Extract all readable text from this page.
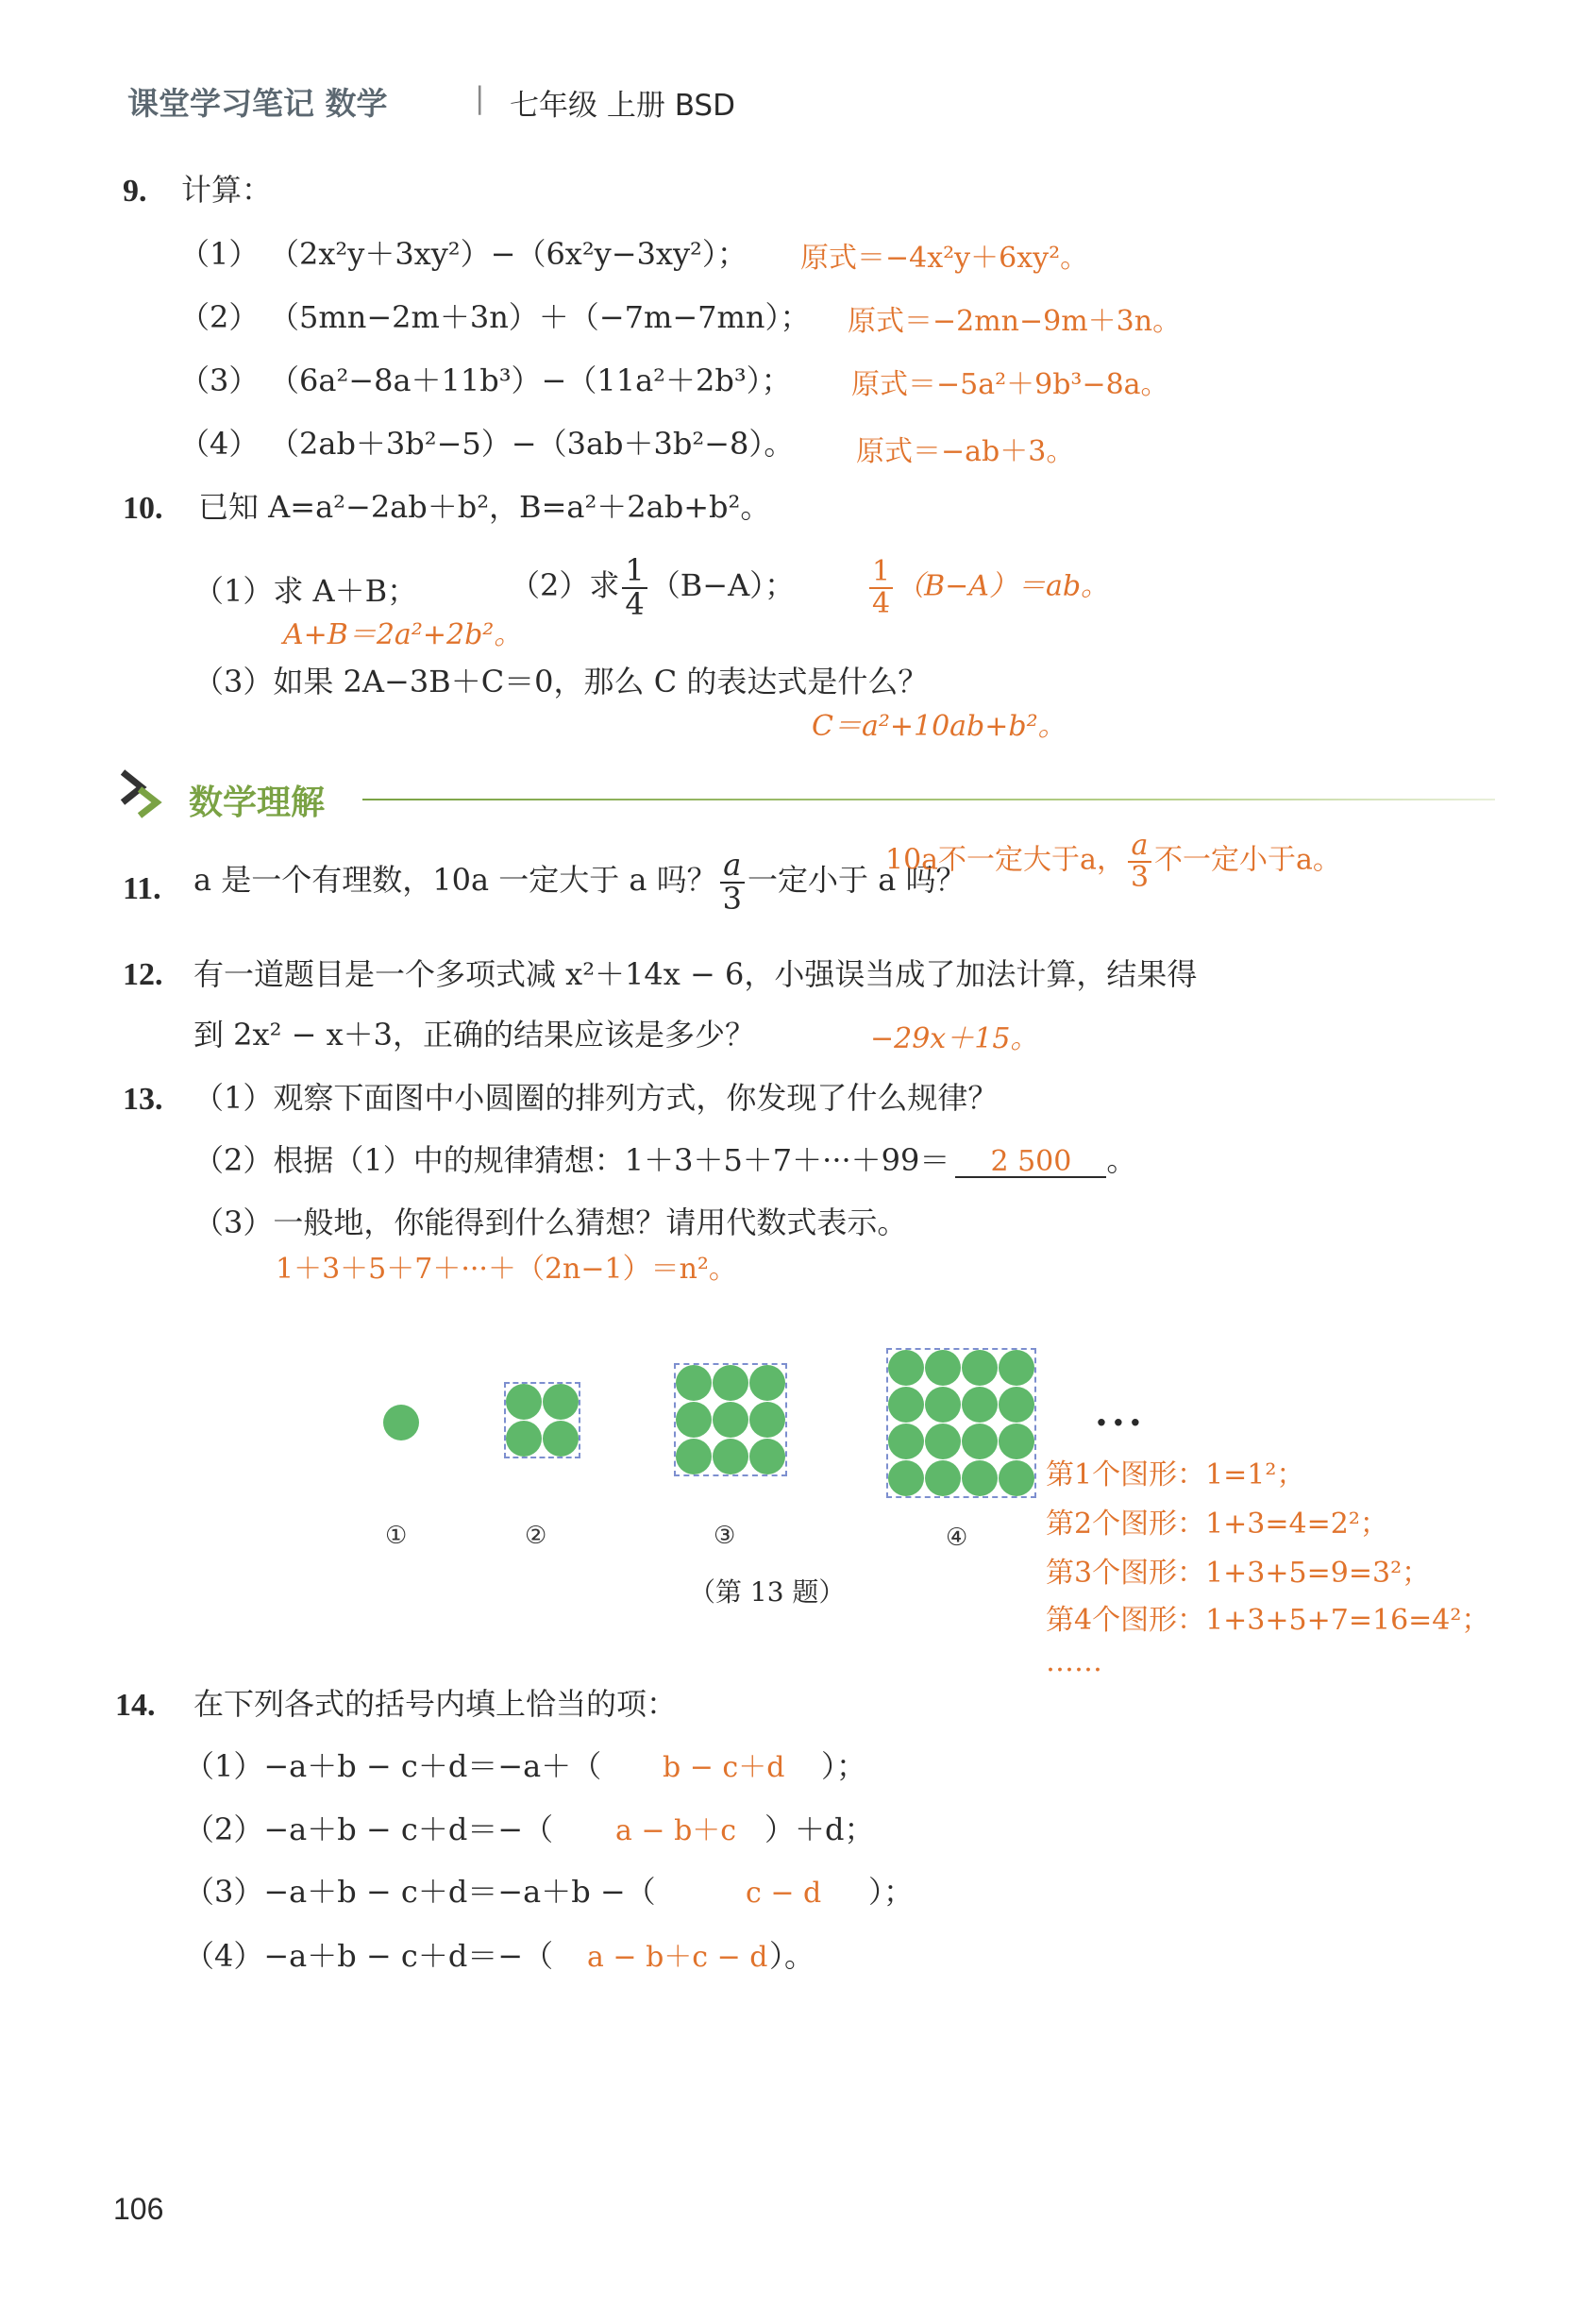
课堂学习笔记 数学	| 七年级 上册 BSD
9. 计算：
（1） （2x²y＋3xy²）−（6x²y−3xy²）； 原式＝−4x²y＋6xy²。
（2） （5mn−2m＋3n）＋（−7m−7mn）； 原式＝−2mn−9m＋3n。
（3） （6a²−8a＋11b³）−（11a²＋2b³）； 原式＝−5a²＋9b³−8a。
（4） （2ab＋3b²−5）−（3ab＋3b²−8）。 原式＝−ab＋3。
10. 已知 A=a²−2ab＋b²，B=a²＋2ab+b²。
（1）求 A＋B；	（2）求 $\frac{1}{4} (B-A)$；	$\frac{1}{4} (B-A)=ab$。
A+B＝2a²+2b²。
（3）如果 2A−3B＋C＝0，那么 C 的表达式是什么？
C＝a²+10ab+b²。
数学理解
11. a 是一个有理数，10a 一定大于 a 吗？ $\frac{a}{3}$ 一定小于 a 吗？
10a不一定大于a， $\frac{a}{3}$ 不一定小于a。
12. 有一道题目是一个多项式减 x²＋14x − 6，小强误当成了加法计算，结果得
到 2x² − x＋3，正确的结果应该是多少？	−29x＋15。
13. （1）观察下面图中小圆圈的排列方式，你发现了什么规律？
（2）根据（1）中的规律猜想：1＋3＋5＋7＋···＋99＝ 2 500 。
（3）一般地，你能得到什么猜想？请用代数式表示。
1＋3＋5＋7＋···＋（2n−1）＝n²。
···
①	②	③	④
（第 13 题）
第1个图形：1=1²；
第2个图形：1+3=4=2²；
第3个图形：1+3+5=9=3²；
第4个图形：1+3+5+7=16=4²；
……
14. 在下列各式的括号内填上恰当的项：
（1）−a＋b − c＋d＝−a＋（ b − c＋d ）；
（2）−a＋b − c＋d＝−（ a − b＋c ）＋d；
（3）−a＋b − c＋d＝−a＋b −（	c − d ）；
（4）−a＋b − c＋d＝−（ a − b＋c − d ）。
106
